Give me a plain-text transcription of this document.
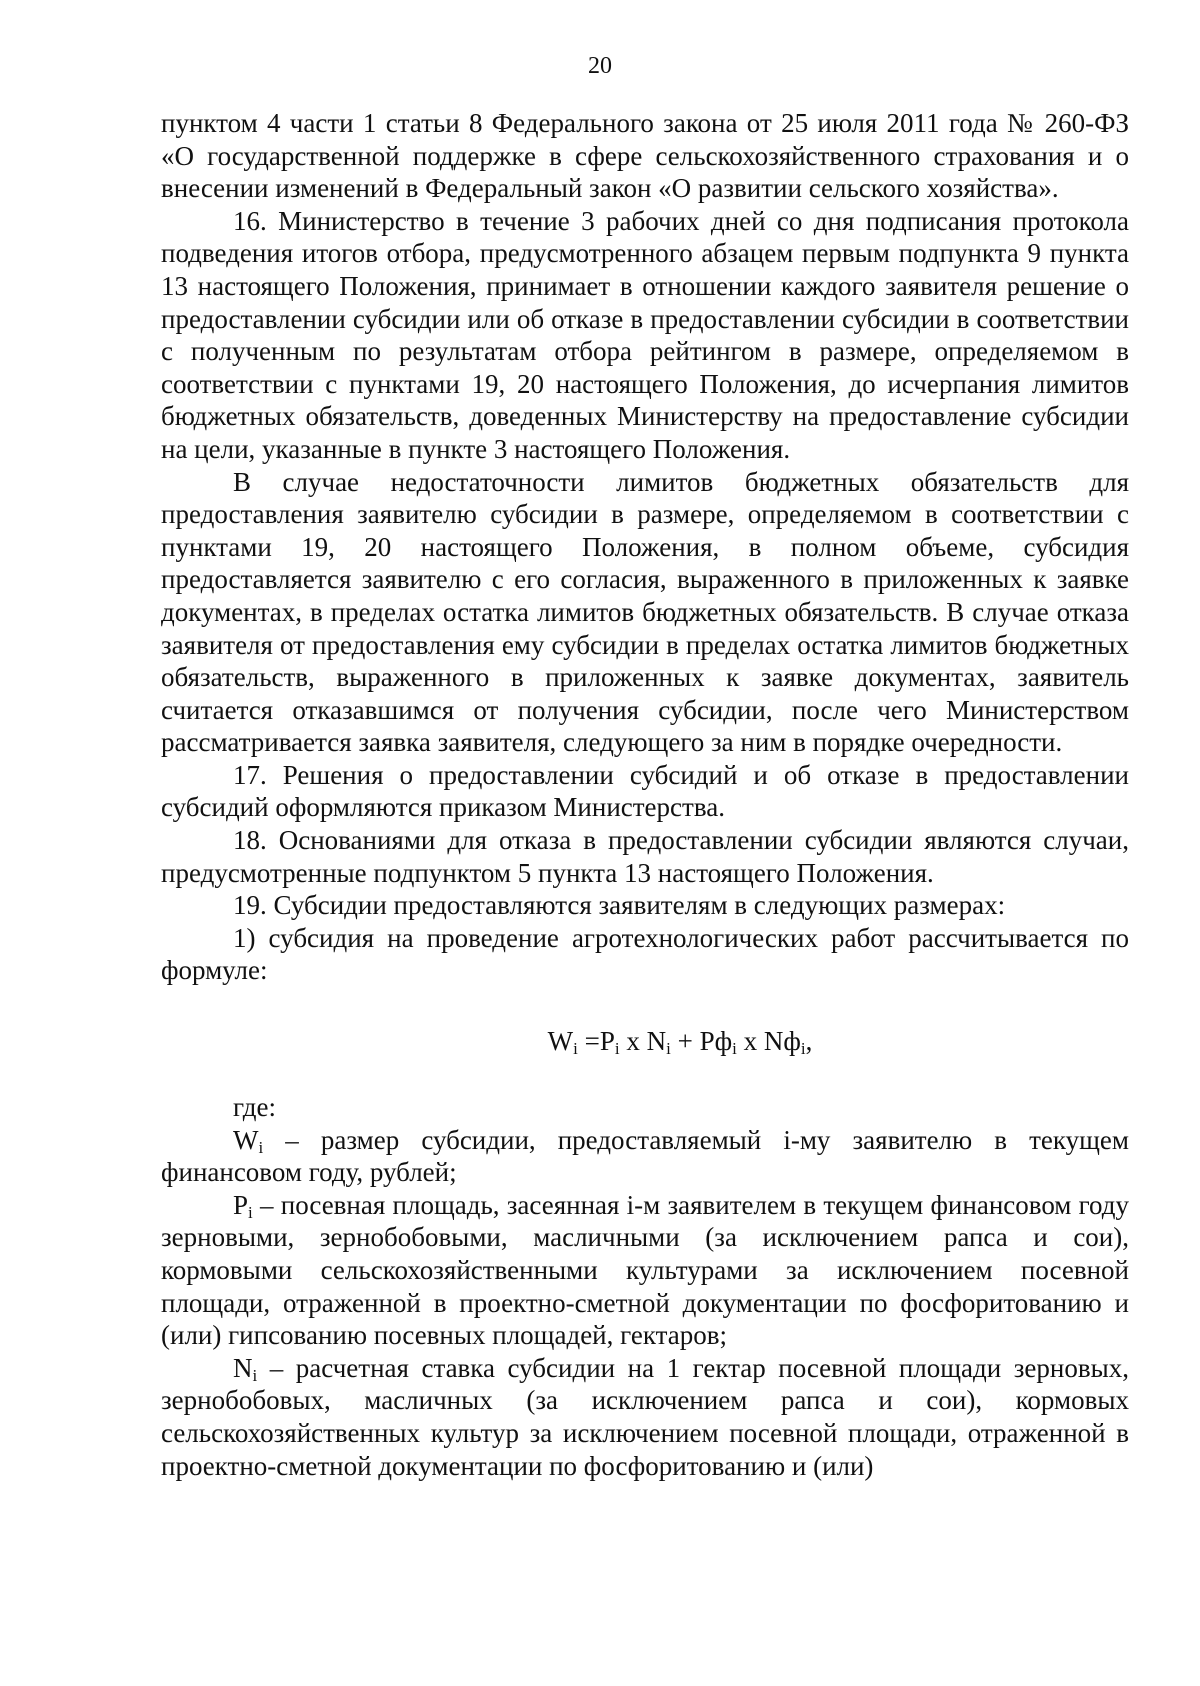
20

пунктом 4 части 1 статьи 8 Федерального закона от 25 июля 2011 года № 260-ФЗ «О государственной поддержке в сфере сельскохозяйственного страхования и о внесении изменений в Федеральный закон «О развитии сельского хозяйства».

16. Министерство в течение 3 рабочих дней со дня подписания протокола подведения итогов отбора, предусмотренного абзацем первым подпункта 9 пункта 13 настоящего Положения, принимает в отношении каждого заявителя решение о предоставлении субсидии или об отказе в предоставлении субсидии в соответствии с полученным по результатам отбора рейтингом в размере, определяемом в соответствии с пунктами 19, 20 настоящего Положения, до исчерпания лимитов бюджетных обязательств, доведенных Министерству на предоставление субсидии на цели, указанные в пункте 3 настоящего Положения.

В случае недостаточности лимитов бюджетных обязательств для предоставления заявителю субсидии в размере, определяемом в соответствии с пунктами 19, 20 настоящего Положения, в полном объеме, субсидия предоставляется заявителю с его согласия, выраженного в приложенных к заявке документах, в пределах остатка лимитов бюджетных обязательств. В случае отказа заявителя от предоставления ему субсидии в пределах остатка лимитов бюджетных обязательств, выраженного в приложенных к заявке документах, заявитель считается отказавшимся от получения субсидии, после чего Министерством рассматривается заявка заявителя, следующего за ним в порядке очередности.

17. Решения о предоставлении субсидий и об отказе в предоставлении субсидий оформляются приказом Министерства.

18. Основаниями для отказа в предоставлении субсидии являются случаи, предусмотренные подпунктом 5 пункта 13 настоящего Положения.

19. Субсидии предоставляются заявителям в следующих размерах:

1) субсидия на проведение агротехнологических работ рассчитывается по формуле:

$W_i =P_i$ x $N_i + Pф_i$ x $Nф_i$,

где:

$W_i$ – размер субсидии, предоставляемый i-му заявителю в текущем финансовом году, рублей;

$P_i$ – посевная площадь, засеянная i-м заявителем в текущем финансовом году зерновыми, зернобобовыми, масличными (за исключением рапса и сои), кормовыми сельскохозяйственными культурами за исключением посевной площади, отраженной в проектно-сметной документации по фосфоритованию и (или) гипсованию посевных площадей, гектаров;

$N_i$ – расчетная ставка субсидии на 1 гектар посевной площади зерновых, зернобобовых, масличных (за исключением рапса и сои), кормовых сельскохозяйственных культур за исключением посевной площади, отраженной в проектно-сметной документации по фосфоритованию и (или)
